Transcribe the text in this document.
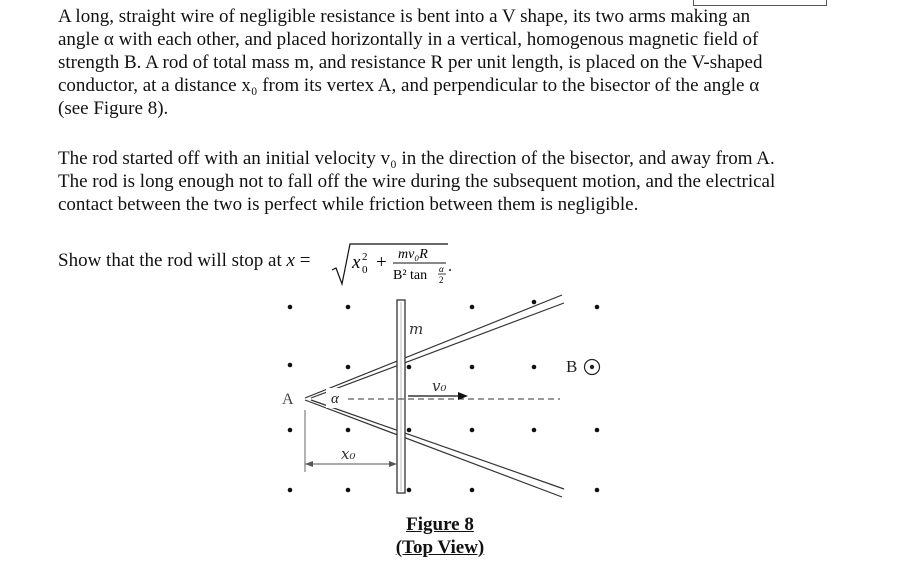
A long, straight wire of negligible resistance is bent into a V shape, its two arms making an
angle α with each other, and placed horizontally in a vertical, homogenous magnetic field of
strength B. A rod of total mass m, and resistance R per unit length, is placed on the V-shaped
conductor, at a distance x₀ from its vertex A, and perpendicular to the bisector of the angle α
(see Figure 8).
The rod started off with an initial velocity v₀ in the direction of the bisector, and away from A.
The rod is long enough not to fall off the wire during the subsequent motion, and the electrical
contact between the two is perfect while friction between them is negligible.
Show that the rod will stop at x = x 2
0 + mv₀R
B² tan α
2
.
α
A
m
v₀
x₀
B
Figure 8
(Top View)
